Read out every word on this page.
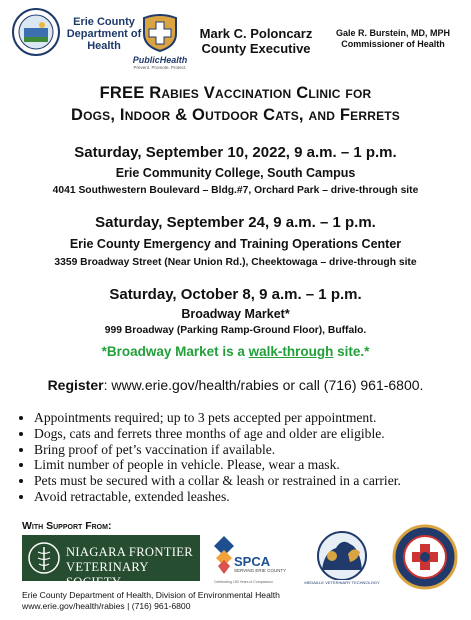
Erie County Department of Health
PublicHealth
Prevent. Promote. Protect.
Mark C. Poloncarz County Executive
Gale R. Burstein, MD, MPH
Commissioner of Health
FREE Rabies Vaccination Clinic for
Dogs, Indoor & Outdoor Cats, and Ferrets
Saturday, September 10, 2022, 9 a.m. – 1 p.m.
Erie Community College, South Campus
4041 Southwestern Boulevard – Bldg.#7, Orchard Park – drive-through site
Saturday, September 24, 9 a.m. – 1 p.m.
Erie County Emergency and Training Operations Center
3359 Broadway Street (Near Union Rd.), Cheektowaga – drive-through site
Saturday, October 8, 9 a.m. – 1 p.m.
Broadway Market*
999 Broadway (Parking Ramp-Ground Floor), Buffalo.
*Broadway Market is a walk-through site.*
Register: www.erie.gov/health/rabies or call (716) 961-6800.
• Appointments required; up to 3 pets accepted per appointment.
• Dogs, cats and ferrets three months of age and older are eligible.
• Bring proof of pet’s vaccination if available.
• Limit number of people in vehicle. Please, wear a mask.
• Pets must be secured with a collar & leash or restrained in a carrier.
• Avoid retractable, extended leashes.
With Support From:
NIAGARA FRONTIER
VETERINARY SOCIETY
SPCA
SERVING ERIE COUNTY
Celebrating 150 Years of Compassion	MEDAILLE VETERINARY TECHNOLOGY
Erie County Department of Health, Division of Environmental Health
www.erie.gov/health/rabies | (716) 961-6800
